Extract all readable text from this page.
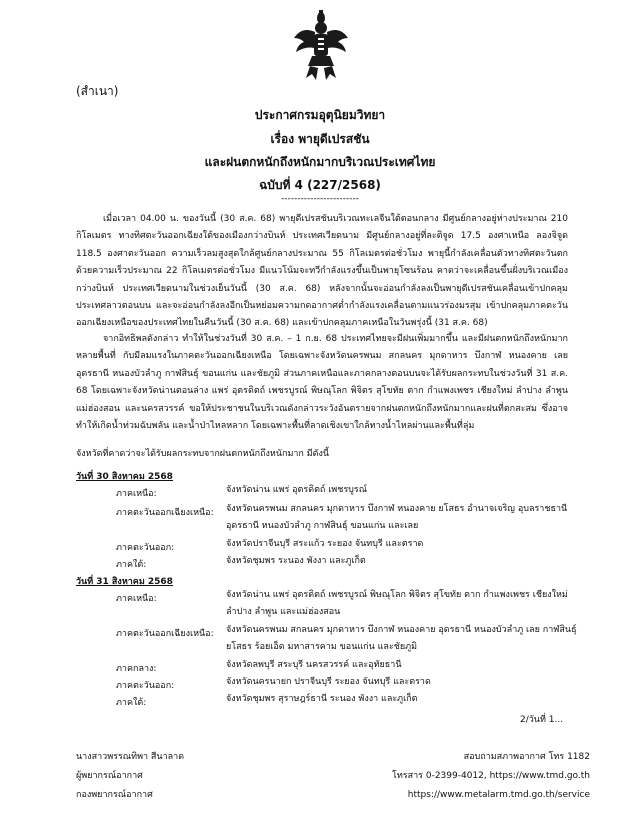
(สำเนา)
ประกาศกรมอุตุนิยมวิทยา
เรื่อง พายุดีเปรสชัน
และฝนตกหนักถึงหนักมากบริเวณประเทศไทย
ฉบับที่ 4 (227/2568)
------------------------

เมื่อเวลา 04.00 น. ของวันนี้ (30 ส.ค. 68) พายุดีเปรสชันบริเวณทะเลจีนใต้ตอนกลาง มีศูนย์กลางอยู่ห่างประมาณ 210 กิโลเมตร ทางทิศตะวันออกเฉียงใต้ของเมืองกว่างบินห์ ประเทศเวียดนาม มีศูนย์กลางอยู่ที่ละติจูด 17.5 องศาเหนือ ลองจิจูด 118.5 องศาตะวันออก ความเร็วลมสูงสุดใกล้ศูนย์กลางประมาณ 55 กิโลเมตรต่อชั่วโมง พายุนี้กำลังเคลื่อนตัวทางทิศตะวันตก ด้วยความเร็วประมาณ 22 กิโลเมตรต่อชั่วโมง มีแนวโน้มจะทวีกำลังแรงขึ้นเป็นพายุโซนร้อน คาดว่าจะเคลื่อนขึ้นฝั่งบริเวณเมืองกว่างบินห์ ประเทศเวียดนามในช่วงเย็นวันนี้ (30 ส.ค. 68) หลังจากนั้นจะอ่อนกำลังลงเป็นพายุดีเปรสชันเคลื่อนเข้าปกคลุมประเทศลาวตอนบน และจะอ่อนกำลังลงอีกเป็นหย่อมความกดอากาศต่ำกำลังแรงเคลื่อนตามแนวร่องมรสุม เข้าปกคลุมภาคตะวันออกเฉียงเหนือของประเทศไทยในคืนวันนี้ (30 ส.ค. 68) และเข้าปกคลุมภาคเหนือในวันพรุ่งนี้ (31 ส.ค. 68)

จากอิทธิพลดังกล่าว ทำให้ในช่วงวันที่ 30 ส.ค. – 1 ก.ย. 68 ประเทศไทยจะมีฝนเพิ่มมากขึ้น และมีฝนตกหนักถึงหนักมากหลายพื้นที่ กับมีลมแรงในภาคตะวันออกเฉียงเหนือ โดยเฉพาะจังหวัดนครพนม สกลนคร มุกดาหาร บึงกาฬ หนองคาย เลย อุดรธานี หนองบัวลำภู กาฬสินธุ์ ขอนแก่น และชัยภูมิ ส่วนภาคเหนือและภาคกลางตอนบนจะได้รับผลกระทบในช่วงวันที่ 31 ส.ค. 68 โดยเฉพาะจังหวัดน่านตอนล่าง แพร่ อุตรดิตถ์ เพชรบูรณ์ พิษณุโลก พิจิตร สุโขทัย ตาก กำแพงเพชร เชียงใหม่ ลำปาง ลำพูน แม่ฮ่องสอน และนครสวรรค์ ขอให้ประชาชนในบริเวณดังกล่าวระวังอันตรายจากฝนตกหนักถึงหนักมากและฝนที่ตกสะสม ซึ่งอาจทำให้เกิดน้ำท่วมฉับพลัน และน้ำป่าไหลหลาก โดยเฉพาะพื้นที่ลาดเชิงเขาใกล้ทางน้ำไหลผ่านและพื้นที่ลุ่ม

จังหวัดที่คาดว่าจะได้รับผลกระทบจากฝนตกหนักถึงหนักมาก มีดังนี้
วันที่ 30 สิงหาคม 2568
ภาคเหนือ:	จังหวัดน่าน แพร่ อุตรดิตถ์ เพชรบูรณ์

ภาคตะวันออกเฉียงเหนือ: จังหวัดนครพนม สกลนคร มุกดาหาร บึงกาฬ หนองคาย ยโสธร อำนาจเจริญ อุบลราชธานี อุดรธานี หนองบัวลำภู กาฬสินธุ์ ขอนแก่น และเลย

ภาคตะวันออก:	จังหวัดปราจีนบุรี สระแก้ว ระยอง จันทบุรี และตราด

ภาคใต้:	จังหวัดชุมพร ระนอง พังงา และภูเก็ต

วันที่ 31 สิงหาคม 2568
ภาคเหนือ:	จังหวัดน่าน แพร่ อุตรดิตถ์ เพชรบูรณ์ พิษณุโลก พิจิตร สุโขทัย ตาก กำแพงเพชร เชียงใหม่ ลำปาง ลำพูน และแม่ฮ่องสอน

ภาคตะวันออกเฉียงเหนือ: จังหวัดนครพนม สกลนคร มุกดาหาร บึงกาฬ หนองคาย อุดรธานี หนองบัวลำภู เลย กาฬสินธุ์ ยโสธร ร้อยเอ็ด มหาสารคาม ขอนแก่น และชัยภูมิ

ภาคกลาง:	จังหวัดลพบุรี สระบุรี นครสวรรค์ และอุทัยธานี

ภาคตะวันออก:	จังหวัดนครนายก ปราจีนบุรี ระยอง จันทบุรี และตราด

ภาคใต้:	จังหวัดชุมพร สุราษฎร์ธานี ระนอง พังงา และภูเก็ต

2/วันที่ 1...
นางสาวพรรณทิพา สีนาลาด
ผู้พยากรณ์อากาศ
กองพยากรณ์อากาศ
สอบถามสภาพอากาศ โทร 1182
โทรสาร 0-2399-4012, https://www.tmd.go.th
https://www.metalarm.tmd.go.th/service
